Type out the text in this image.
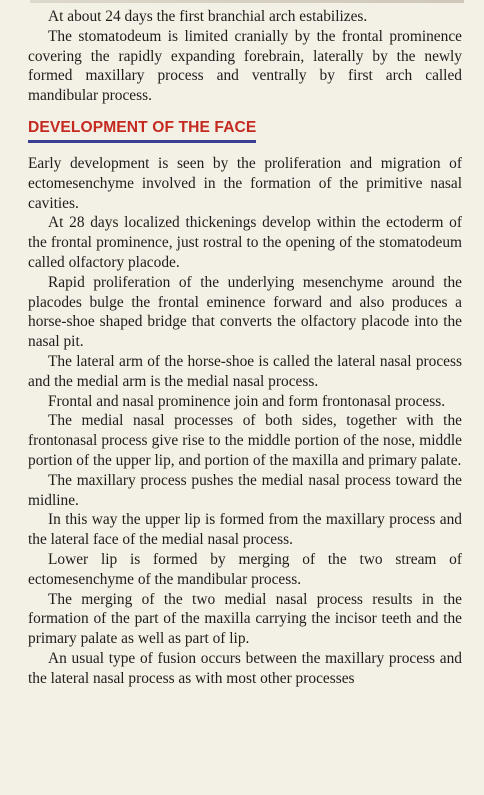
At about 24 days the first branchial arch estabilizes.

The stomatodeum is limited cranially by the frontal prominence covering the rapidly expanding forebrain, laterally by the newly formed maxillary process and ventrally by first arch called mandibular process.

DEVELOPMENT OF THE FACE

Early development is seen by the proliferation and migration of ectomesenchyme involved in the formation of the primitive nasal cavities.

At 28 days localized thickenings develop within the ectoderm of the frontal prominence, just rostral to the opening of the stomatodeum called olfactory placode.

Rapid proliferation of the underlying mesenchyme around the placodes bulge the frontal eminence forward and also produces a horse-shoe shaped bridge that converts the olfactory placode into the nasal pit.

The lateral arm of the horse-shoe is called the lateral nasal process and the medial arm is the medial nasal process.

Frontal and nasal prominence join and form frontonasal process.

The medial nasal processes of both sides, together with the frontonasal process give rise to the middle portion of the nose, middle portion of the upper lip, and portion of the maxilla and primary palate.

The maxillary process pushes the medial nasal process toward the midline.

In this way the upper lip is formed from the maxillary process and the lateral face of the medial nasal process.

Lower lip is formed by merging of the two stream of ectomesenchyme of the mandibular process.

The merging of the two medial nasal process results in the formation of the part of the maxilla carrying the incisor teeth and the primary palate as well as part of lip.

An usual type of fusion occurs between the maxillary process and the lateral nasal process as with most other processes
